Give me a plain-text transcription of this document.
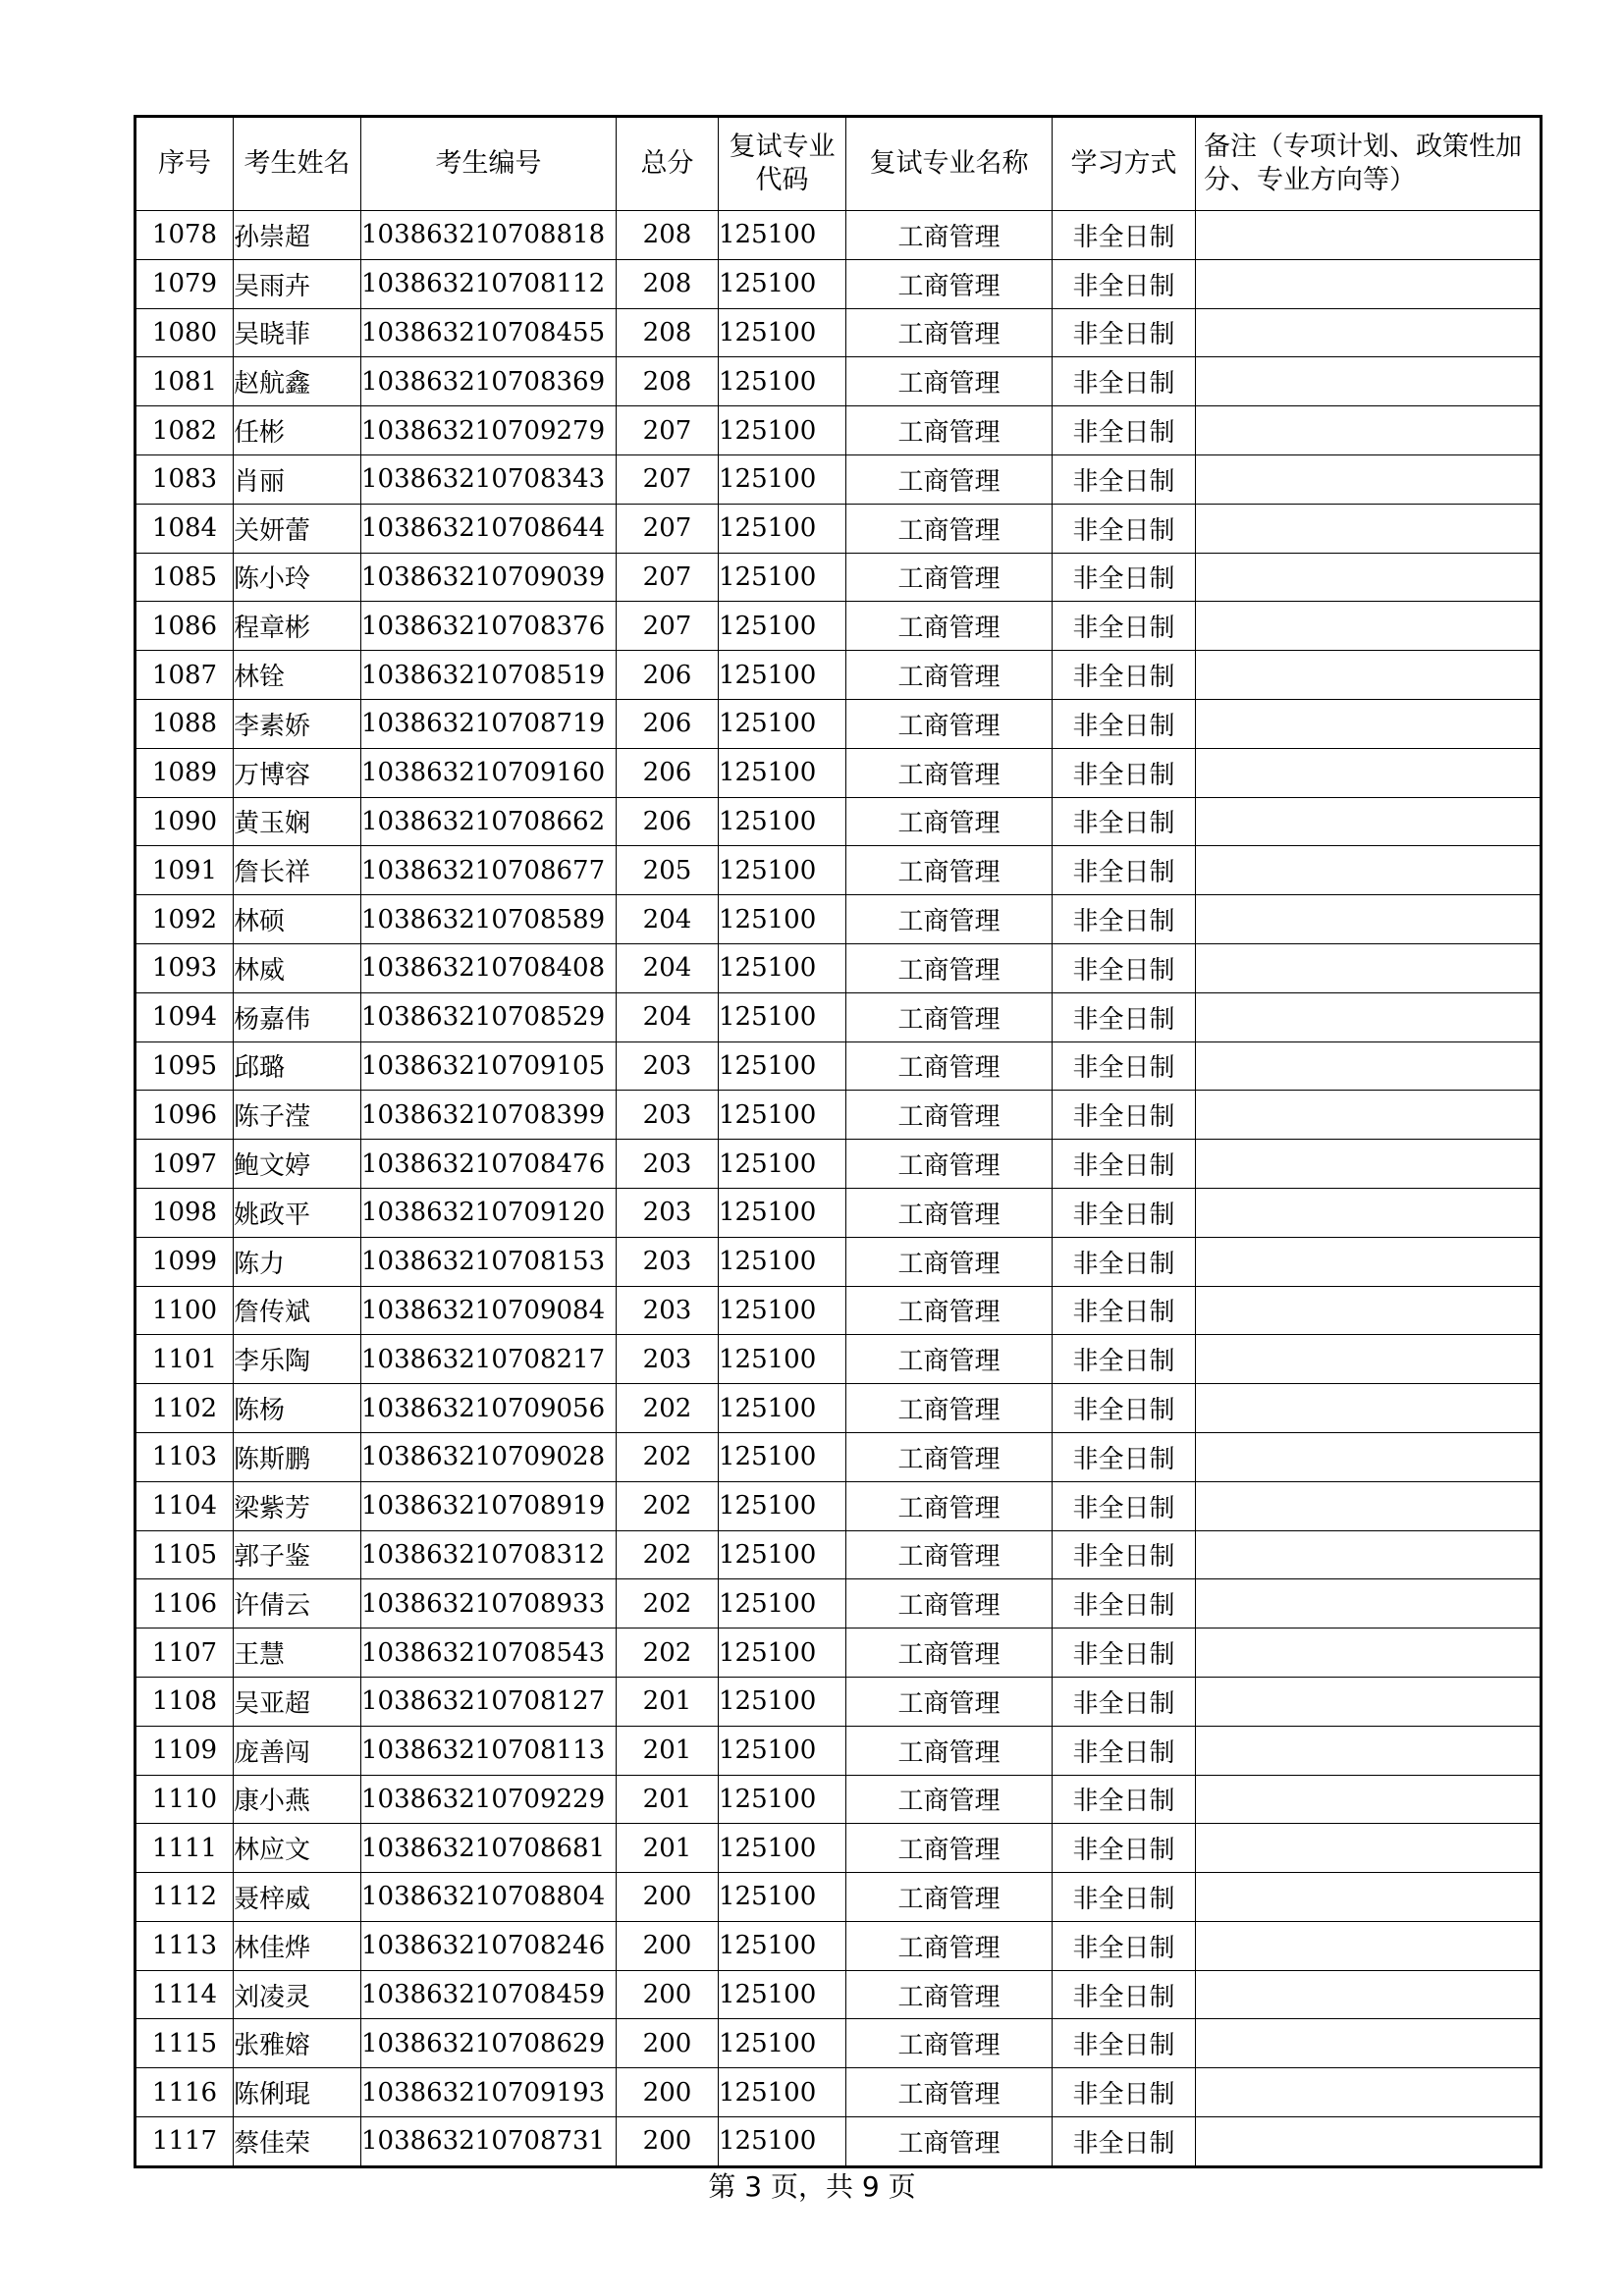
序号	考生姓名	考生编号	总分	复试专业代码	复试专业名称	学习方式	备注（专项计划、政策性加分、专业方向等）
1078	孙崇超	103863210708818	208	125100	工商管理	非全日制	
1079	吴雨卉	103863210708112	208	125100	工商管理	非全日制	
1080	吴晓菲	103863210708455	208	125100	工商管理	非全日制	
1081	赵航鑫	103863210708369	208	125100	工商管理	非全日制	
1082	任彬	103863210709279	207	125100	工商管理	非全日制	
1083	肖丽	103863210708343	207	125100	工商管理	非全日制	
1084	关妍蕾	103863210708644	207	125100	工商管理	非全日制	
1085	陈小玲	103863210709039	207	125100	工商管理	非全日制	
1086	程章彬	103863210708376	207	125100	工商管理	非全日制	
1087	林铨	103863210708519	206	125100	工商管理	非全日制	
1088	李素娇	103863210708719	206	125100	工商管理	非全日制	
1089	万博容	103863210709160	206	125100	工商管理	非全日制	
1090	黄玉娴	103863210708662	206	125100	工商管理	非全日制	
1091	詹长祥	103863210708677	205	125100	工商管理	非全日制	
1092	林硕	103863210708589	204	125100	工商管理	非全日制	
1093	林威	103863210708408	204	125100	工商管理	非全日制	
1094	杨嘉伟	103863210708529	204	125100	工商管理	非全日制	
1095	邱璐	103863210709105	203	125100	工商管理	非全日制	
1096	陈子滢	103863210708399	203	125100	工商管理	非全日制	
1097	鲍文婷	103863210708476	203	125100	工商管理	非全日制	
1098	姚政平	103863210709120	203	125100	工商管理	非全日制	
1099	陈力	103863210708153	203	125100	工商管理	非全日制	
1100	詹传斌	103863210709084	203	125100	工商管理	非全日制	
1101	李乐陶	103863210708217	203	125100	工商管理	非全日制	
1102	陈杨	103863210709056	202	125100	工商管理	非全日制	
1103	陈斯鹏	103863210709028	202	125100	工商管理	非全日制	
1104	梁紫芳	103863210708919	202	125100	工商管理	非全日制	
1105	郭子鉴	103863210708312	202	125100	工商管理	非全日制	
1106	许倩云	103863210708933	202	125100	工商管理	非全日制	
1107	王慧	103863210708543	202	125100	工商管理	非全日制	
1108	吴亚超	103863210708127	201	125100	工商管理	非全日制	
1109	庞善闯	103863210708113	201	125100	工商管理	非全日制	
1110	康小燕	103863210709229	201	125100	工商管理	非全日制	
1111	林应文	103863210708681	201	125100	工商管理	非全日制	
1112	聂梓威	103863210708804	200	125100	工商管理	非全日制	
1113	林佳烨	103863210708246	200	125100	工商管理	非全日制	
1114	刘凌灵	103863210708459	200	125100	工商管理	非全日制	
1115	张雅嫆	103863210708629	200	125100	工商管理	非全日制	
1116	陈俐琨	103863210709193	200	125100	工商管理	非全日制	
1117	蔡佳荣	103863210708731	200	125100	工商管理	非全日制	
第 3 页，共 9 页
